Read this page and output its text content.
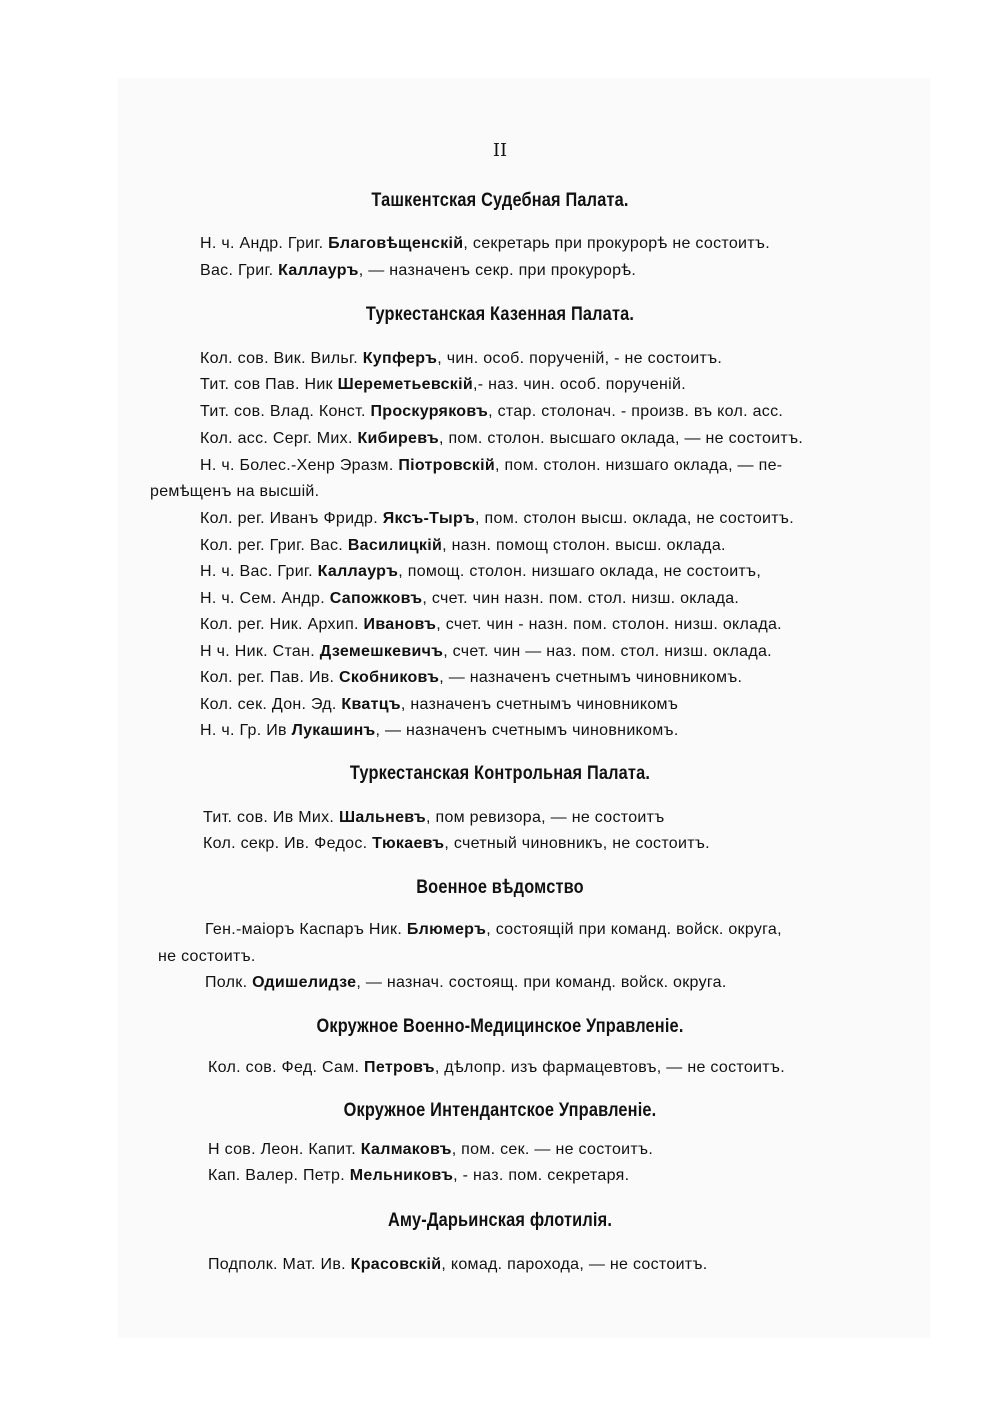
II
Ташкентская Судебная Палата.
Н. ч. Андр. Григ. Благовѣщенскій, секретарь при прокурорѣ не состоитъ.
Вас. Григ. Каллауръ, — назначенъ секр. при прокурорѣ.
Туркестанская Казенная Палата.
Кол. сов. Вик. Вильг. Купферъ, чин. особ. порученій, - не состоитъ.
Тит. сов Пав. Ник Шереметьевскій,- наз. чин. особ. порученій.
Тит. сов. Влад. Конст. Проскуряковъ, стар. столонач. - произв. въ кол. асс.
Кол. асс. Серг. Мих. Кибиревъ, пом. столон. высшаго оклада, — не состоитъ.
Н. ч. Болес.-Хенр Эразм. Піотровскій, пом. столон. низшаго оклада, — пе-
ремѣщенъ на высшій.
Кол. рег. Иванъ Фридр. Яксъ-Тыръ, пом. столон высш. оклада, не состоитъ.
Кол. рег. Григ. Вас. Василицкій, назн. помощ столон. высш. оклада.
Н. ч. Вас. Григ. Каллауръ, помощ. столон. низшаго оклада, не состоитъ,
Н. ч. Сем. Андр. Сапожковъ, счет. чин назн. пом. стол. низш. оклада.
Кол. рег. Ник. Архип. Ивановъ, счет. чин - назн. пом. столон. низш. оклада.
Н ч. Ник. Стан. Дземешкевичъ, счет. чин — наз. пом. стол. низш. оклада.
Кол. рег. Пав. Ив. Скобниковъ, — назначенъ счетнымъ чиновникомъ.
Кол. сек. Дон. Эд. Кватцъ, назначенъ счетнымъ чиновникомъ
Н. ч. Гр. Ив Лукашинъ, — назначенъ счетнымъ чиновникомъ.
Туркестанская Контрольная Палата.
Тит. сов. Ив Мих. Шальневъ, пом ревизора, — не состоитъ
Кол. секр. Ив. Федос. Тюкаевъ, счетный чиновникъ, не состоитъ.
Военное вѣдомство
Ген.-маіоръ Каспаръ Ник. Блюмеръ, состоящій при команд. войск. округа,
не состоитъ.
Полк. Одишелидзе, — назнач. состоящ. при команд. войск. округа.
Окружное Военно-Медицинское Управленіе.
Кол. сов. Фед. Сам. Петровъ, дѣлопр. изъ фармацевтовъ, — не состоитъ.
Окружное Интендантское Управленіе.
Н сов. Леон. Капит. Калмаковъ, пом. сек. — не состоитъ.
Кап. Валер. Петр. Мельниковъ, - наз. пом. секретаря.
Аму-Дарьинская флотилія.
Подполк. Мат. Ив. Красовскій, комад. парохода, — не состоитъ.
